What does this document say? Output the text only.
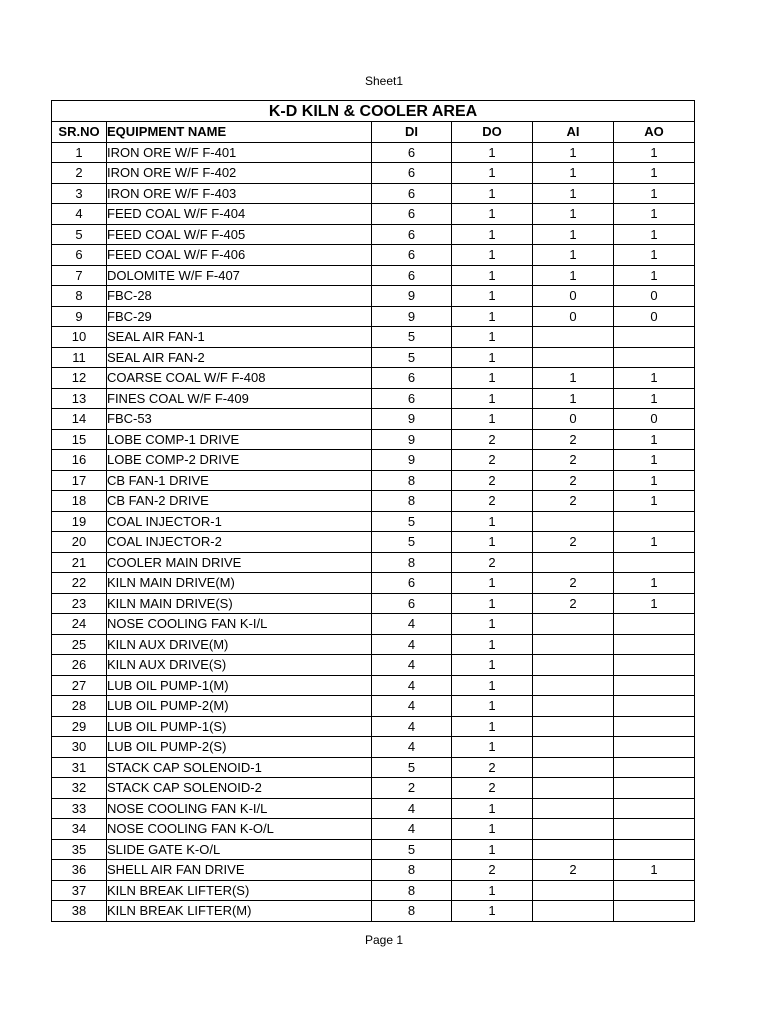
Sheet1
K-D KILN & COOLER AREA					
SR.NO	EQUIPMENT NAME	DI	DO	AI	AO
1	IRON ORE W/F F-401	6	1	1	1
2	IRON ORE W/F F-402	6	1	1	1
3	IRON ORE W/F F-403	6	1	1	1
4	FEED COAL W/F F-404	6	1	1	1
5	FEED COAL W/F F-405	6	1	1	1
6	FEED COAL W/F F-406	6	1	1	1
7	DOLOMITE W/F F-407	6	1	1	1
8	FBC-28	9	1	0	0
9	FBC-29	9	1	0	0
10	SEAL AIR FAN-1	5	1		
11	SEAL AIR FAN-2	5	1		
12	COARSE COAL W/F F-408	6	1	1	1
13	FINES COAL W/F F-409	6	1	1	1
14	FBC-53	9	1	0	0
15	LOBE COMP-1 DRIVE	9	2	2	1
16	LOBE COMP-2 DRIVE	9	2	2	1
17	CB FAN-1 DRIVE	8	2	2	1
18	CB FAN-2 DRIVE	8	2	2	1
19	COAL INJECTOR-1	5	1		
20	COAL INJECTOR-2	5	1	2	1
21	COOLER MAIN DRIVE	8	2		
22	KILN MAIN DRIVE(M)	6	1	2	1
23	KILN MAIN DRIVE(S)	6	1	2	1
24	NOSE COOLING FAN K-I/L	4	1		
25	KILN AUX DRIVE(M)	4	1		
26	KILN AUX DRIVE(S)	4	1		
27	LUB OIL PUMP-1(M)	4	1		
28	LUB OIL PUMP-2(M)	4	1		
29	LUB OIL PUMP-1(S)	4	1		
30	LUB OIL PUMP-2(S)	4	1		
31	STACK CAP SOLENOID-1	5	2		
32	STACK CAP SOLENOID-2	2	2		
33	NOSE COOLING FAN K-I/L	4	1		
34	NOSE COOLING FAN K-O/L	4	1		
35	SLIDE GATE K-O/L	5	1		
36	SHELL AIR FAN DRIVE	8	2	2	1
37	KILN BREAK LIFTER(S)	8	1		
38	KILN BREAK LIFTER(M)	8	1		
Page 1
